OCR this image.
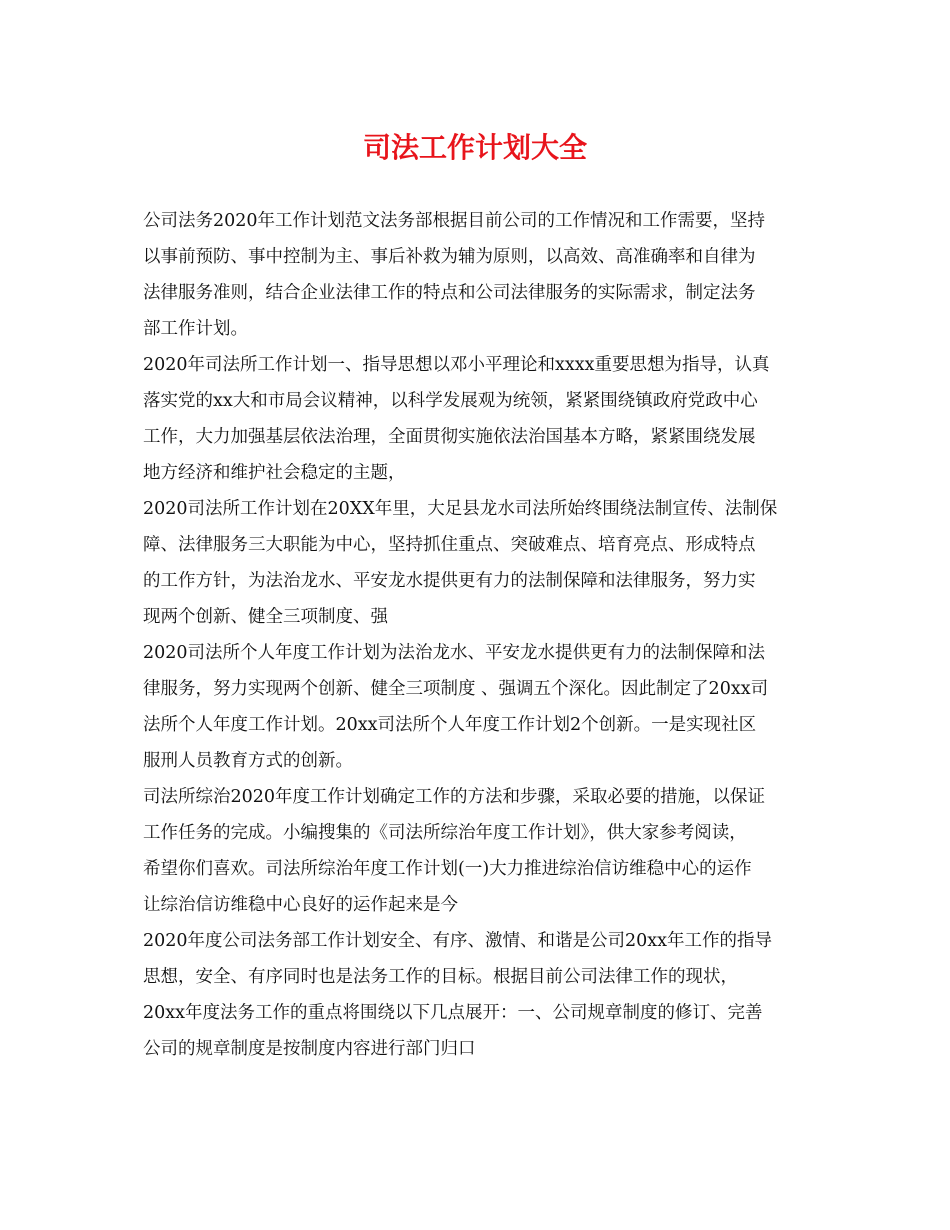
司法工作计划大全
公司法务2020年工作计划范文法务部根据目前公司的工作情况和工作需要，坚持
以事前预防、事中控制为主、事后补救为辅为原则，以高效、高准确率和自律为
法律服务准则，结合企业法律工作的特点和公司法律服务的实际需求，制定法务
部工作计划。
2020年司法所工作计划一、指导思想以邓小平理论和xxxx重要思想为指导，认真
落实党的xx大和市局会议精神，以科学发展观为统领，紧紧围绕镇政府党政中心
工作，大力加强基层依法治理，全面贯彻实施依法治国基本方略，紧紧围绕发展
地方经济和维护社会稳定的主题，
2020司法所工作计划在20XX年里，大足县龙水司法所始终围绕法制宣传、法制保
障、法律服务三大职能为中心，坚持抓住重点、突破难点、培育亮点、形成特点
的工作方针，为法治龙水、平安龙水提供更有力的法制保障和法律服务，努力实
现两个创新、健全三项制度、强
2020司法所个人年度工作计划为法治龙水、平安龙水提供更有力的法制保障和法
律服务，努力实现两个创新、健全三项制度 、强调五个深化。因此制定了20xx司
法所个人年度工作计划。20xx司法所个人年度工作计划2个创新。一是实现社区
服刑人员教育方式的创新。
司法所综治2020年度工作计划确定工作的方法和步骤，采取必要的措施，以保证
工作任务的完成。小编搜集的《司法所综治年度工作计划》，供大家参考阅读，
希望你们喜欢。司法所综治年度工作计划(一)大力推进综治信访维稳中心的运作
让综治信访维稳中心良好的运作起来是今
2020年度公司法务部工作计划安全、有序、激情、和谐是公司20xx年工作的指导
思想，安全、有序同时也是法务工作的目标。根据目前公司法律工作的现状，
20xx年度法务工作的重点将围绕以下几点展开：一、公司规章制度的修订、完善
公司的规章制度是按制度内容进行部门归口
